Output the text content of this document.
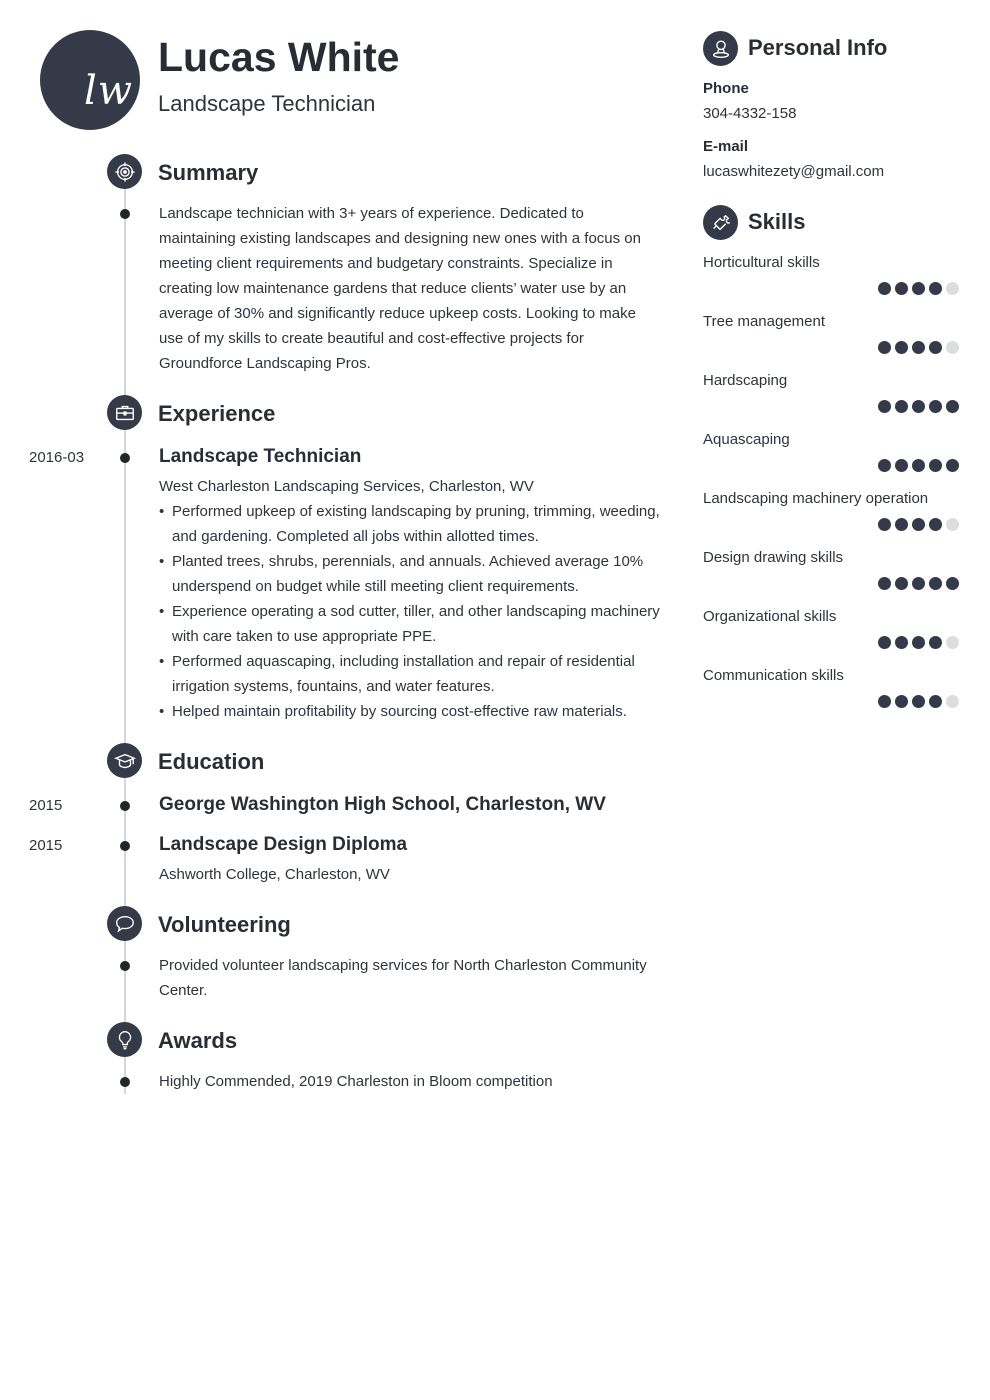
lw
Lucas White
Landscape Technician
Summary
Landscape technician with 3+ years of experience. Dedicated to maintaining existing landscapes and designing new ones with a focus on meeting client requirements and budgetary constraints. Specialize in creating low maintenance gardens that reduce clients’ water use by an average of 30% and significantly reduce upkeep costs. Looking to make use of my skills to create beautiful and cost-effective projects for Groundforce Landscaping Pros.
Experience
2016-03	Landscape Technician
West Charleston Landscaping Services, Charleston, WV
• Performed upkeep of existing landscaping by pruning, trimming, weeding, and gardening. Completed all jobs within allotted times.
• Planted trees, shrubs, perennials, and annuals. Achieved average 10% underspend on budget while still meeting client requirements.
• Experience operating a sod cutter, tiller, and other landscaping machinery with care taken to use appropriate PPE.
• Performed aquascaping, including installation and repair of residential irrigation systems, fountains, and water features.
• Helped maintain profitability by sourcing cost-effective raw materials.
Education
2015	George Washington High School, Charleston, WV
2015	Landscape Design Diploma
Ashworth College, Charleston, WV
Volunteering
Provided volunteer landscaping services for North Charleston Community Center.
Awards
Highly Commended, 2019 Charleston in Bloom competition
Personal Info
Phone
304-4332-158
E-mail
lucaswhitezety@gmail.com
Skills
Horticultural skills
Tree management
Hardscaping
Aquascaping
Landscaping machinery operation
Design drawing skills
Organizational skills
Communication skills
